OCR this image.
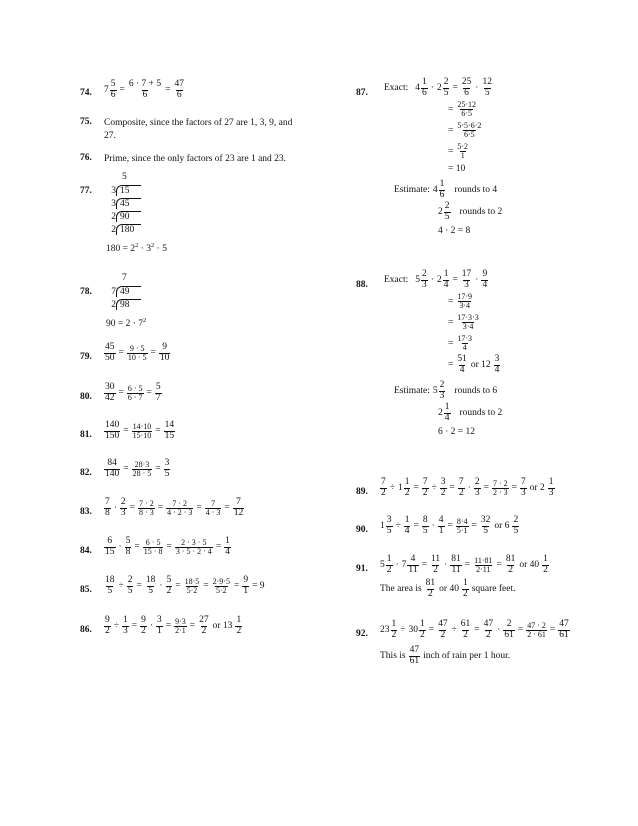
74. $7 \frac{5}{6} = \frac{6 \cdot 7 + 5}{6} = \frac{47}{6}$
75. Composite, since the factors of 27 are 1, 3, 9, and 27.
76. Prime, since the only factors of 23 are 1 and 23.
77.
5
3 15
3 45
2 90
2 180
$180 = 2^2 \cdot 3^2 \cdot 5$
78.
7
7 49
2 98
$90 = 2 \cdot 7^2$
79. $\frac{45}{50} = \frac{9 \cdot 5}{10 \cdot 5} = \frac{9}{10}$
80. $\frac{30}{42} = \frac{6 \cdot 5}{6 \cdot 7} = \frac{5}{7}$
81. $\frac{140}{150} = \frac{14\cdot 10}{15\cdot 10} = \frac{14}{15}$
82. $\frac{84}{140} = \frac{28\cdot 3}{28 \cdot 5} = \frac{3}{5}$
83. $\frac{7}{8} \cdot \frac{2}{3} = \frac{7 \cdot 2}{8 \cdot 3} = \frac{7 \cdot 2}{4 \cdot 2 \cdot 3} = \frac{7}{4 \cdot 3} = \frac{7}{12}$
84. $\frac{6}{15} \cdot \frac{5}{8} = \frac{6 \cdot 5}{15 \cdot 8} = \frac{2 \cdot 3 \cdot 5}{3 \cdot 5 \cdot 2 \cdot 4} = \frac{1}{4}$
85. $\frac{18}{5} \div \frac{2}{5} = \frac{18}{5} \cdot \frac{5}{2} = \frac{18\cdot 5}{5\cdot 2} = \frac{2\cdot 9\cdot 5}{5\cdot 2} = \frac{9}{1} = 9$
86. $\frac{9}{2} \div \frac{1}{3} = \frac{9}{2} \cdot \frac{3}{1} = \frac{9\cdot 3}{2\cdot 1} = \frac{27}{2}$ or $13 \frac{1}{2}$
87. Exact: $4 \frac{1}{6} \cdot 2 \frac{2}{5} = \frac{25}{6} \cdot \frac{12}{5}$
= $\frac{25\cdot 12}{6\cdot 5}$
= $\frac{5\cdot 5\cdot 6\cdot 2}{6\cdot 5}$
= $\frac{5\cdot 2}{1}$
= 10
Estimate: $4 \frac{1}{6}$ rounds to 4
$2 \frac{2}{5}$ rounds to 2
4 · 2 = 8
88. Exact: $5 \frac{2}{3} \cdot 2 \frac{1}{4} = \frac{17}{3} \cdot \frac{9}{4}$
= $\frac{17\cdot 9}{3\cdot 4}$
= $\frac{17\cdot 3\cdot 3}{3\cdot 4}$
= $\frac{17\cdot 3}{4}$
= $\frac{51}{4}$ or $12 \frac{3}{4}$
Estimate: $5 \frac{2}{3}$ rounds to 6
$2 \frac{1}{4}$ rounds to 2
6 · 2 = 12
89. $\frac{7}{2} \div 1 \frac{1}{2} = \frac{7}{2} \div \frac{3}{2} = \frac{7}{2} \cdot \frac{2}{3} = \frac{7 \cdot 2}{2 \cdot 3} = \frac{7}{3}$ or $2 \frac{1}{3}$
90. $1 \frac{3}{5} \div \frac{1}{4} = \frac{8}{5} \cdot \frac{4}{1} = \frac{8\cdot 4}{5\cdot 1} = \frac{32}{5}$ or $6 \frac{2}{5}$
91. $5 \frac{1}{2} \cdot 7 \frac{4}{11} = \frac{11}{2} \cdot \frac{81}{11} = \frac{11\cdot 81}{2\cdot 11} = \frac{81}{2}$ or $40 \frac{1}{2}$
The area is $\frac{81}{2}$ or $40 \frac{1}{2}$ square feet.
92. $23 \frac{1}{2} \div 30 \frac{1}{2} = \frac{47}{2} \div \frac{61}{2} = \frac{47}{2} \cdot \frac{2}{61} = \frac{47 \cdot 2}{2 \cdot 61} = \frac{47}{61}$
This is $\frac{47}{61}$ inch of rain per 1 hour.
